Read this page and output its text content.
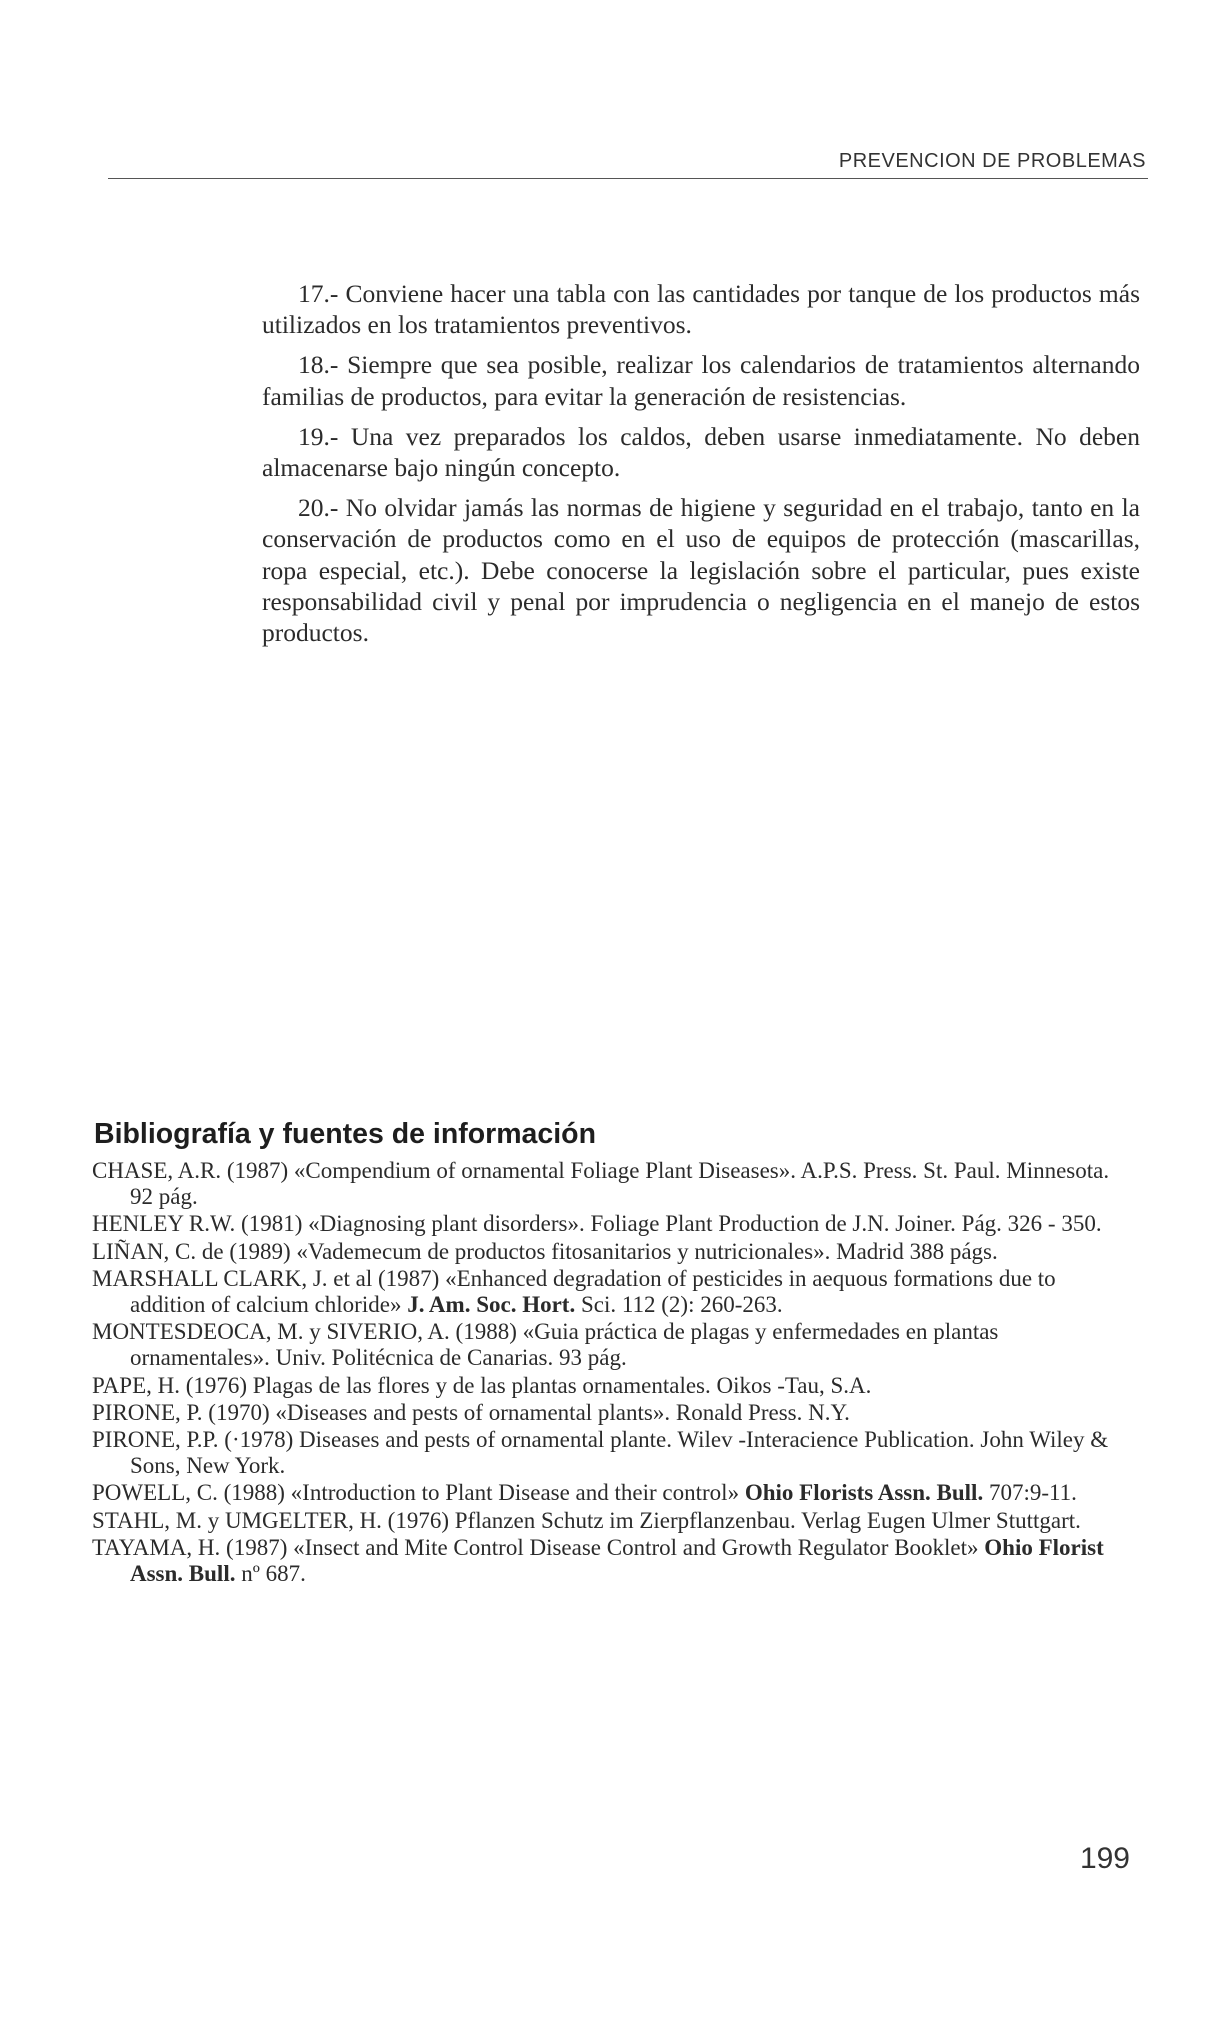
PREVENCION DE PROBLEMAS

17.- Conviene hacer una tabla con las cantidades por tanque de los productos más utilizados en los tratamientos preventivos.

18.- Siempre que sea posible, realizar los calendarios de tratamientos alternando familias de productos, para evitar la generación de resistencias.

19.- Una vez preparados los caldos, deben usarse inmediatamente. No deben almacenarse bajo ningún concepto.

20.- No olvidar jamás las normas de higiene y seguridad en el trabajo, tanto en la conservación de productos como en el uso de equipos de protección (mascarillas, ropa especial, etc.). Debe conocerse la legislación sobre el particular, pues existe responsabilidad civil y penal por imprudencia o negligencia en el manejo de estos productos.

Bibliografía y fuentes de información
CHASE, A.R. (1987) «Compendium of ornamental Foliage Plant Diseases». A.P.S. Press. St. Paul. Minnesota. 92 pág.
HENLEY R.W. (1981) «Diagnosing plant disorders». Foliage Plant Production de J.N. Joiner. Pág. 326 - 350.
LIÑAN, C. de (1989) «Vademecum de productos fitosanitarios y nutricionales». Madrid 388 págs.
MARSHALL CLARK, J. et al (1987) «Enhanced degradation of pesticides in aequous formations due to addition of calcium chloride» J. Am. Soc. Hort. Sci. 112 (2): 260-263.
MONTESDEOCA, M. y SIVERIO, A. (1988) «Guia práctica de plagas y enfermedades en plantas ornamentales». Univ. Politécnica de Canarias. 93 pág.
PAPE, H. (1976) Plagas de las flores y de las plantas ornamentales. Oikos -Tau, S.A.
PIRONE, P. (1970) «Diseases and pests of ornamental plants». Ronald Press. N.Y.
PIRONE, P.P. (·1978) Diseases and pests of ornamental plante. Wilev -Interacience Publication. John Wiley & Sons, New York.
POWELL, C. (1988) «Introduction to Plant Disease and their control» Ohio Florists Assn. Bull. 707:9-11.
STAHL, M. y UMGELTER, H. (1976) Pflanzen Schutz im Zierpflanzenbau. Verlag Eugen Ulmer Stuttgart.
TAYAMA, H. (1987) «Insect and Mite Control Disease Control and Growth Regulator Booklet» Ohio Florist Assn. Bull. nº 687.
199
